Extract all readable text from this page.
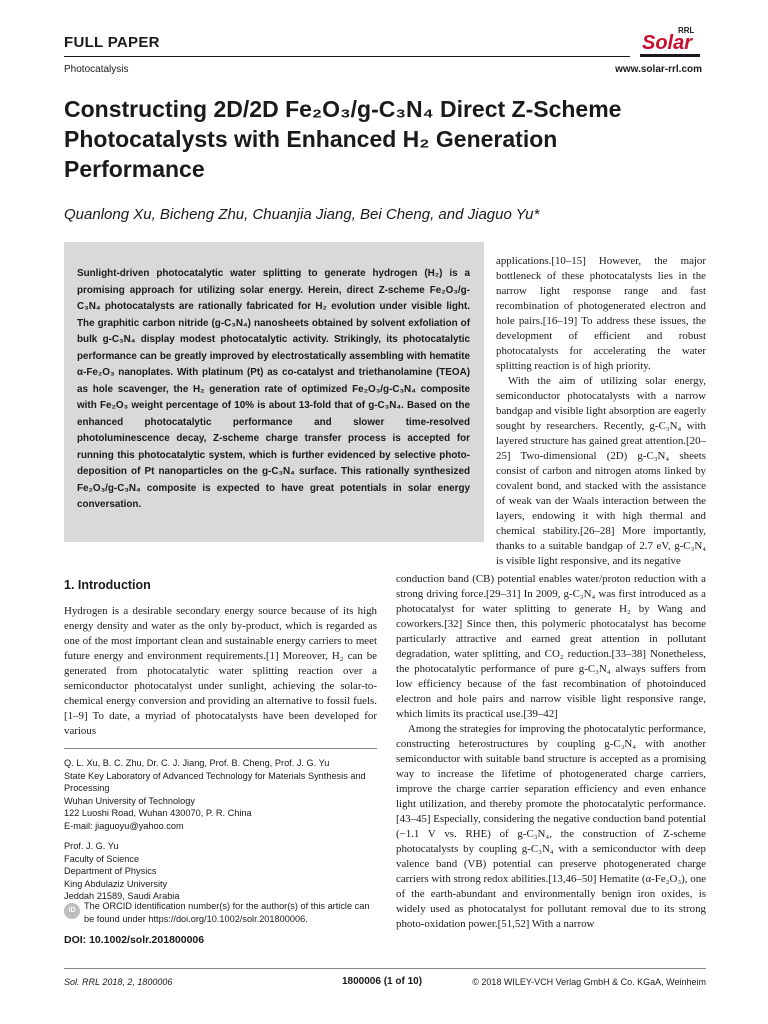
FULL PAPER	Solar
RRL
Photocatalysis	www.solar-rrl.com
Constructing 2D/2D Fe₂O₃/g-C₃N₄ Direct Z-Scheme Photocatalysts with Enhanced H₂ Generation Performance
Quanlong Xu, Bicheng Zhu, Chuanjia Jiang, Bei Cheng, and Jiaguo Yu*

Sunlight-driven photocatalytic water splitting to generate hydrogen (H₂) is a promising approach for utilizing solar energy. Herein, direct Z-scheme Fe₂O₃/g-C₃N₄ photocatalysts are rationally fabricated for H₂ evolution under visible light. The graphitic carbon nitride (g-C₃N₄) nanosheets obtained by solvent exfoliation of bulk g-C₃N₄ display modest photocatalytic activity. Strikingly, its photocatalytic performance can be greatly improved by electrostatically assembling with hematite α-Fe₂O₃ nanoplates. With platinum (Pt) as co-catalyst and triethanolamine (TEOA) as hole scavenger, the H₂ generation rate of optimized Fe₂O₃/g-C₃N₄ composite with Fe₂O₃ weight percentage of 10% is about 13-fold that of g-C₃N₄. Based on the enhanced photocatalytic performance and slower time-resolved photoluminescence decay, Z-scheme charge transfer process is accepted for running this photocatalytic system, which is further evidenced by selective photo-deposition of Pt nanoparticles on the g-C₃N₄ surface. This rationally synthesized Fe₂O₃/g-C₃N₄ composite is expected to have great potentials in solar energy conversation.

applications.[10–15] However, the major bottleneck of these photocatalysts lies in the narrow light response range and fast recombination of photogenerated electron and hole pairs.[16–19] To address these issues, the development of efficient and robust photocatalysts for accelerating the water splitting reaction is of high priority.

With the aim of utilizing solar energy, semiconductor photocatalysts with a narrow bandgap and visible light absorption are eagerly sought by researchers. Recently, g-C₃N₄ with layered structure has gained great attention.[20–25] Two-dimensional (2D) g-C₃N₄ sheets consist of carbon and nitrogen atoms linked by covalent bond, and stacked with the assistance of weak van der Waals interaction between the layers, endowing it with high thermal and chemical stability.[26–28] More importantly, thanks to a suitable bandgap of 2.7 eV, g-C₃N₄ is visible light responsive, and its negative

conduction band (CB) potential enables water/proton reduction with a strong driving force.[29–31] In 2009, g-C₃N₄ was first introduced as a photocatalyst for water splitting to generate H₂ by Wang and coworkers.[32] Since then, this polymeric photocatalyst has become particularly attractive and earned great attention in pollutant degradation, water splitting, and CO₂ reduction.[33–38] Nonetheless, the photocatalytic performance of pure g-C₃N₄ always suffers from low efficiency because of the fast recombination of photoinduced electron and hole pairs and narrow visible light responsive range, which limits its practical use.[39–42]

Among the strategies for improving the photocatalytic performance, constructing heterostructures by coupling g-C₃N₄ with another semiconductor with suitable band structure is accepted as a promising way to increase the lifetime of photogenerated charge carriers, improve the charge carrier separation efficiency and even enhance light utilization, and thereby promote the photocatalytic performance.[43–45] Especially, considering the negative conduction band potential (−1.1 V vs. RHE) of g-C₃N₄, the construction of Z-scheme photocatalysts by coupling g-C₃N₄ with a semiconductor with deep valence band (VB) potential can preserve photogenerated charge carriers with strong redox abilities.[13,46–50] Hematite (α-Fe₂O₃), one of the earth-abundant and environmentally benign iron oxides, is widely used as photocatalyst for pollutant removal due to its strong photo-oxidation power.[51,52] With a narrow

1. Introduction

Hydrogen is a desirable secondary energy source because of its high energy density and water as the only by-product, which is regarded as one of the most important clean and sustainable energy carriers to meet future energy and environment requirements.[1] Moreover, H₂ can be generated from photocatalytic water splitting reaction over a semiconductor photocatalyst under sunlight, achieving the solar-to-chemical energy conversion and providing an alternative to fossil fuels.[1–9] To date, a myriad of photocatalysts have been developed for various

Q. L. Xu, B. C. Zhu, Dr. C. J. Jiang, Prof. B. Cheng, Prof. J. G. Yu

State Key Laboratory of Advanced Technology for Materials Synthesis and Processing

Wuhan University of Technology

122 Luoshi Road, Wuhan 430070, P. R. China

E-mail: jiaguoyu@yahoo.com

Prof. J. G. Yu

Faculty of Science

Department of Physics

King Abdulaziz University

Jeddah 21589, Saudi Arabia

iD The ORCID identification number(s) for the author(s) of this article can be found under https://doi.org/10.1002/solr.201800006.
DOI: 10.1002/solr.201800006
Sol. RRL 2018, 2, 1800006	1800006 (1 of 10)	© 2018 WILEY-VCH Verlag GmbH & Co. KGaA, Weinheim
